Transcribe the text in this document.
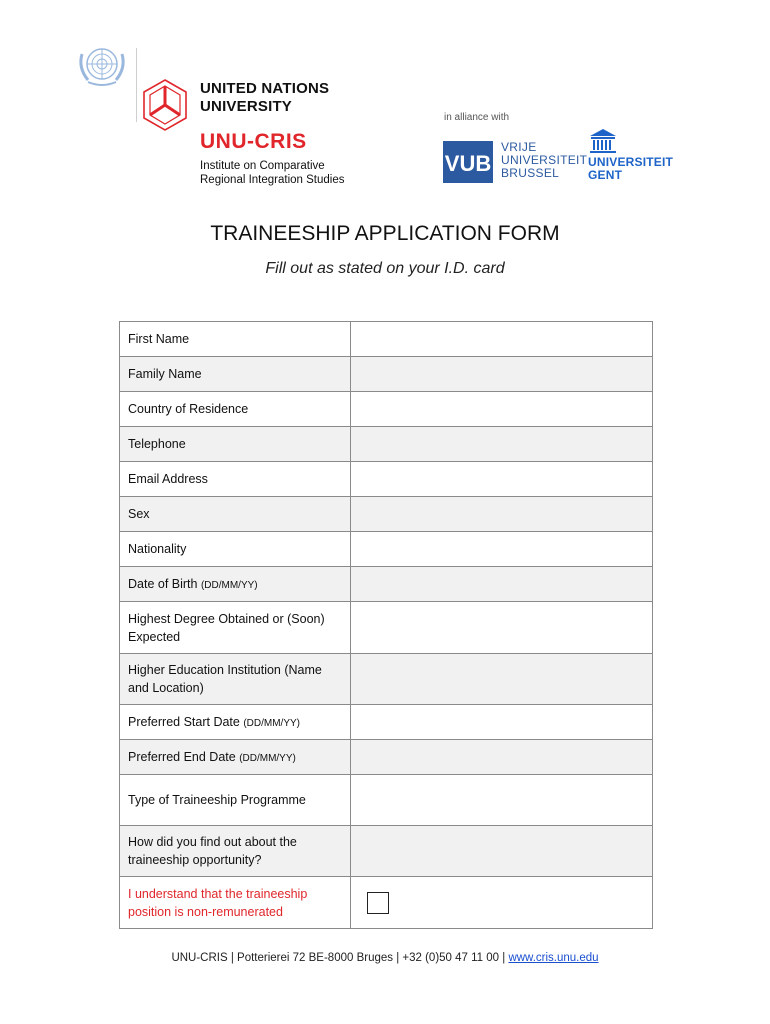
UNITED NATIONS
UNIVERSITY
UNU-CRIS
Institute on Comparative
Regional Integration Studies
in alliance with
VUB
VRIJE
UNIVERSITEIT
BRUSSEL
UNIVERSITEIT
GENT
TRAINEESHIP APPLICATION FORM
Fill out as stated on your I.D. card
First Name	
Family Name	
Country of Residence	
Telephone	
Email Address	
Sex	
Nationality	
Date of Birth (DD/MM/YY)	
Highest Degree Obtained or (Soon) Expected	
Higher Education Institution (Name and Location)	
Preferred Start Date (DD/MM/YY)	
Preferred End Date (DD/MM/YY)	
Type of Traineeship Programme	
How did you find out about the traineeship opportunity?	
I understand that the traineeship position is non-remunerated	
UNU-CRIS | Potterierei 72 BE-8000 Bruges | +32 (0)50 47 11 00 | www.cris.unu.edu
